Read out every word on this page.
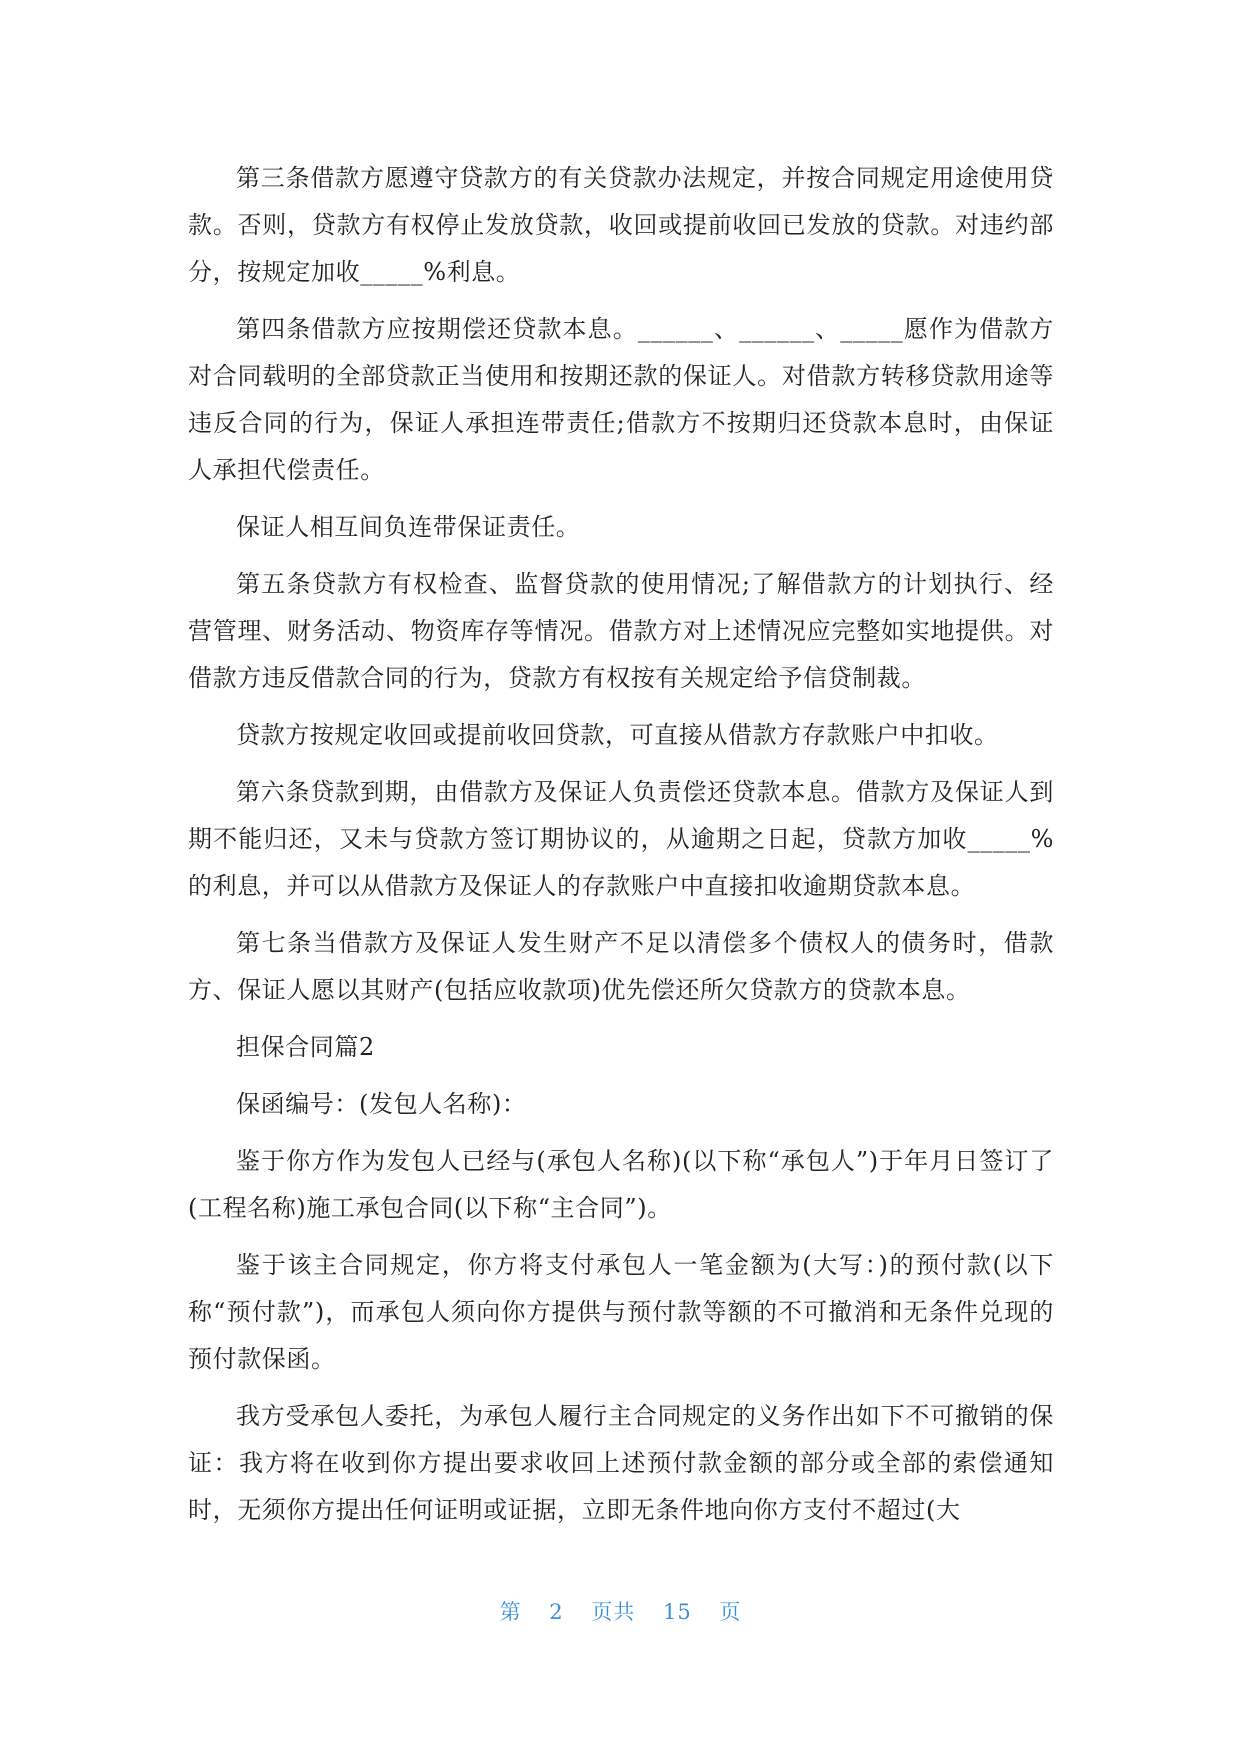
第三条借款方愿遵守贷款方的有关贷款办法规定，并按合同规定用途使用贷款。否则，贷款方有权停止发放贷款，收回或提前收回已发放的贷款。对违约部分，按规定加收_____%利息。

第四条借款方应按期偿还贷款本息。______、______、_____愿作为借款方对合同载明的全部贷款正当使用和按期还款的保证人。对借款方转移贷款用途等违反合同的行为，保证人承担连带责任;借款方不按期归还贷款本息时，由保证人承担代偿责任。

保证人相互间负连带保证责任。

第五条贷款方有权检查、监督贷款的使用情况;了解借款方的计划执行、经营管理、财务活动、物资库存等情况。借款方对上述情况应完整如实地提供。对借款方违反借款合同的行为，贷款方有权按有关规定给予信贷制裁。

贷款方按规定收回或提前收回贷款，可直接从借款方存款账户中扣收。

第六条贷款到期，由借款方及保证人负责偿还贷款本息。借款方及保证人到期不能归还，又未与贷款方签订期协议的，从逾期之日起，贷款方加收_____%的利息，并可以从借款方及保证人的存款账户中直接扣收逾期贷款本息。

第七条当借款方及保证人发生财产不足以清偿多个债权人的债务时，借款方、保证人愿以其财产(包括应收款项)优先偿还所欠贷款方的贷款本息。

担保合同篇2

保函编号：(发包人名称)：

鉴于你方作为发包人已经与(承包人名称)(以下称“承包人”)于年月日签订了(工程名称)施工承包合同(以下称“主合同”)。

鉴于该主合同规定，你方将支付承包人一笔金额为(大写：)的预付款(以下称“预付款”)，而承包人须向你方提供与预付款等额的不可撤消和无条件兑现的预付款保函。

我方受承包人委托，为承包人履行主合同规定的义务作出如下不可撤销的保证：我方将在收到你方提出要求收回上述预付款金额的部分或全部的索偿通知时，无须你方提出任何证明或证据，立即无条件地向你方支付不超过(大

第 2 页共 15 页
